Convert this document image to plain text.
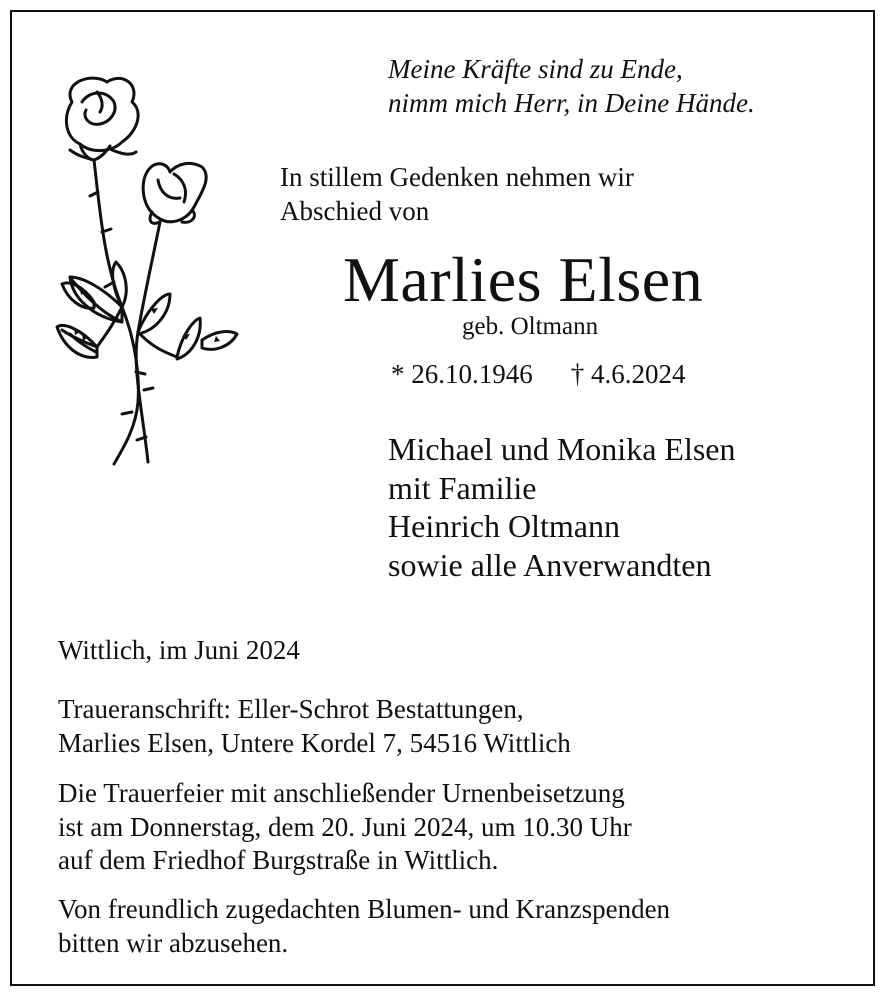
Meine Kräfte sind zu Ende,
nimm mich Herr, in Deine Hände.
In stillem Gedenken nehmen wir
Abschied von
Marlies Elsen
geb. Oltmann
* 26.10.1946 † 4.6.2024
Michael und Monika Elsen
mit Familie
Heinrich Oltmann
sowie alle Anverwandten
Wittlich, im Juni 2024
Traueranschrift: Eller-Schrot Bestattungen,
Marlies Elsen, Untere Kordel 7, 54516 Wittlich
Die Trauerfeier mit anschließender Urnenbeisetzung
ist am Donnerstag, dem 20. Juni 2024, um 10.30 Uhr
auf dem Friedhof Burgstraße in Wittlich.
Von freundlich zugedachten Blumen- und Kranzspenden
bitten wir abzusehen.
